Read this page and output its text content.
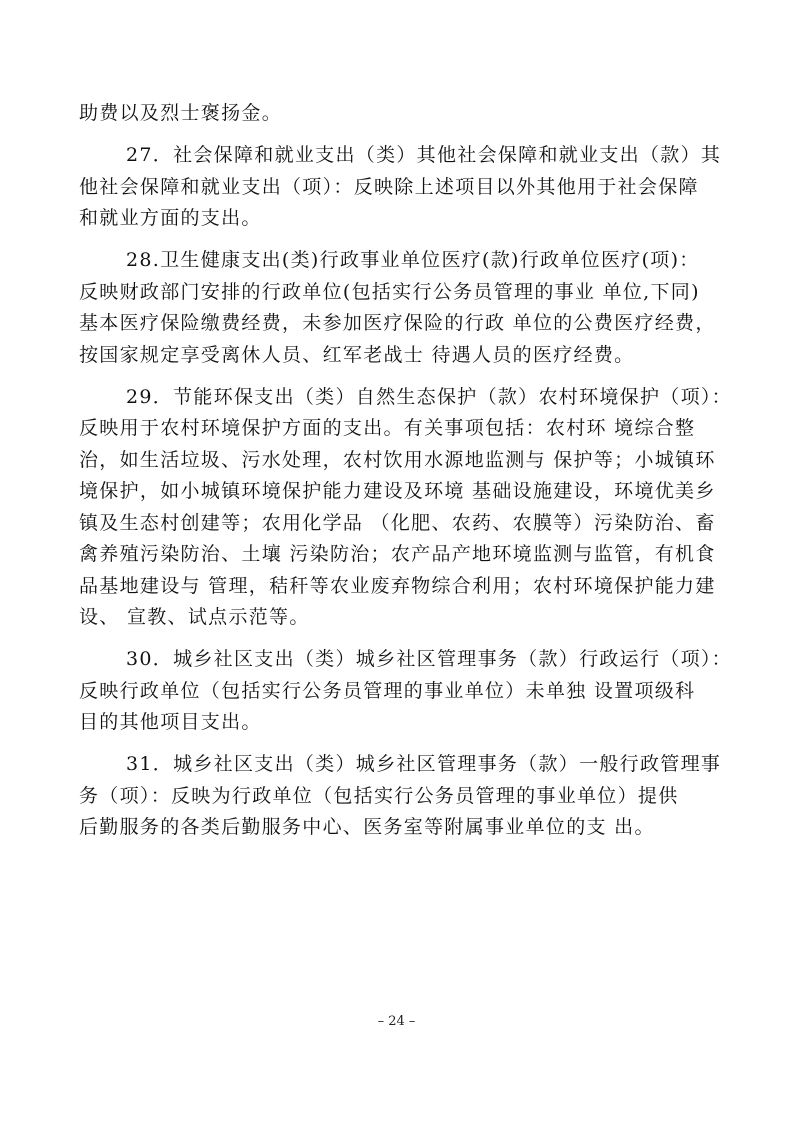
助费以及烈士褒扬金。

27．社会保障和就业支出（类）其他社会保障和就业支出（款）其
他社会保障和就业支出（项）：反映除上述项目以外其他用于社会保障
和就业方面的支出。

28.卫生健康支出(类)行政事业单位医疗(款)行政单位医疗(项)：
反映财政部门安排的行政单位(包括实行公务员管理的事业 单位,下同)
基本医疗保险缴费经费，未参加医疗保险的行政 单位的公费医疗经费，
按国家规定享受离休人员、红军老战士 待遇人员的医疗经费。

29．节能环保支出（类）自然生态保护（款）农村环境保护（项）：
反映用于农村环境保护方面的支出。有关事项包括：农村环 境综合整
治，如生活垃圾、污水处理，农村饮用水源地监测与 保护等；小城镇环
境保护，如小城镇环境保护能力建设及环境 基础设施建设，环境优美乡
镇及生态村创建等；农用化学品 （化肥、农药、农膜等）污染防治、畜
禽养殖污染防治、土壤 污染防治；农产品产地环境监测与监管，有机食
品基地建设与 管理，秸秆等农业废弃物综合利用；农村环境保护能力建
设、 宣教、试点示范等。

30．城乡社区支出（类）城乡社区管理事务（款）行政运行（项）：
反映行政单位（包括实行公务员管理的事业单位）未单独 设置项级科
目的其他项目支出。

31．城乡社区支出（类）城乡社区管理事务（款）一般行政管理事
务（项）：反映为行政单位（包括实行公务员管理的事业单位）提供
后勤服务的各类后勤服务中心、医务室等附属事业单位的支 出。

– 24 –
